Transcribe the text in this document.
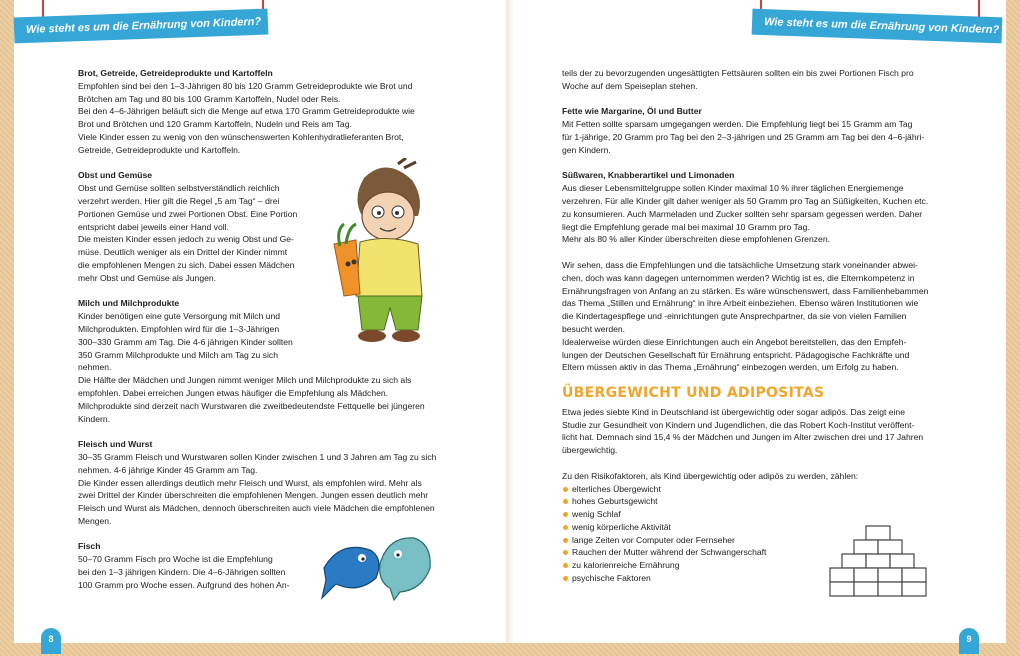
Wie steht es um die Ernährung von Kindern?	Wie steht es um die Ernährung von Kindern?

Brot, Getreide, Getreideprodukte und Kartoffeln
Empfohlen sind bei den 1–3-Jährigen 80 bis 120 Gramm Getreideprodukte wie Brot und
Brötchen am Tag und 80 bis 100 Gramm Kartoffeln, Nudel oder Reis.
Bei den 4–6-Jährigen beläuft sich die Menge auf etwa 170 Gramm Getreideprodukte wie
Brot und Brötchen und 120 Gramm Kartoffeln, Nudeln und Reis am Tag.
Viele Kinder essen zu wenig von den wünschenswerten Kohlenhydratlieferanten Brot,
Getreide, Getreideprodukte und Kartoffeln.

Obst und Gemüse
Obst und Gemüse sollten selbstverständlich reichlich
verzehrt werden. Hier gilt die Regel „5 am Tag“ – drei
Portionen Gemüse und zwei Portionen Obst. Eine Portion
entspricht dabei jeweils einer Hand voll.
Die meisten Kinder essen jedoch zu wenig Obst und Ge-
müse. Deutlich weniger als ein Drittel der Kinder nimmt
die empfohlenen Mengen zu sich. Dabei essen Mädchen
mehr Obst und Gemüse als Jungen.

Milch und Milchprodukte
Kinder benötigen eine gute Versorgung mit Milch und
Milchprodukten. Empfohlen wird für die 1–3-Jährigen
300–330 Gramm am Tag. Die 4-6 jährigen Kinder sollten
350 Gramm Milchprodukte und Milch am Tag zu sich
nehmen.
Die Hälfte der Mädchen und Jungen nimmt weniger Milch und Milchprodukte zu sich als
empfohlen. Dabei erreichen Jungen etwas häufiger die Empfehlung als Mädchen.
Milchprodukte sind derzeit nach Wurstwaren die zweitbedeutendste Fettquelle bei jüngeren
Kindern.

Fleisch und Wurst
30–35 Gramm Fleisch und Wurstwaren sollen Kinder zwischen 1 und 3 Jahren am Tag zu sich
nehmen. 4-6 jährige Kinder 45 Gramm am Tag.
Die Kinder essen allerdings deutlich mehr Fleisch und Wurst, als empfohlen wird. Mehr als
zwei Drittel der Kinder überschreiten die empfohlenen Mengen. Jungen essen deutlich mehr
Fleisch und Wurst als Mädchen, dennoch überschreiten auch viele Mädchen die empfohlenen
Mengen.

Fisch
50–70 Gramm Fisch pro Woche ist die Empfehlung
bei den 1–3 jährigen Kindern. Die 4–6-Jährigen sollten
100 Gramm pro Woche essen. Aufgrund des hohen An-

teils der zu bevorzugenden ungesättigten Fettsäuren sollten ein bis zwei Portionen Fisch pro
Woche auf dem Speiseplan stehen.

Fette wie Margarine, Öl und Butter
Mit Fetten sollte sparsam umgegangen werden. Die Empfehlung liegt bei 15 Gramm am Tag
für 1-jährige, 20 Gramm pro Tag bei den 2–3-jährigen und 25 Gramm am Tag bei den 4–6-jähri-
gen Kindern.

Süßwaren, Knabberartikel und Limonaden
Aus dieser Lebensmittelgruppe sollen Kinder maximal 10 % ihrer täglichen Energiemenge
verzehren. Für alle Kinder gilt daher weniger als 50 Gramm pro Tag an Süßigkeiten, Kuchen etc.
zu konsumieren. Auch Marmeladen und Zucker sollten sehr sparsam gegessen werden. Daher
liegt die Empfehlung gerade mal bei maximal 10 Gramm pro Tag.
Mehr als 80 % aller Kinder überschreiten diese empfohlenen Grenzen.

Wir sehen, dass die Empfehlungen und die tatsächliche Umsetzung stark voneinander abwei-
chen, doch was kann dagegen unternommen werden? Wichtig ist es, die Elternkompetenz in
Ernährungsfragen von Anfang an zu stärken. Es wäre wünschenswert, dass Familienhebammen
das Thema „Stillen und Ernährung“ in ihre Arbeit einbeziehen. Ebenso wären Institutionen wie
die Kindertagespflege und -einrichtungen gute Ansprechpartner, da sie von vielen Familien
besucht werden.
Idealerweise würden diese Einrichtungen auch ein Angebot bereitstellen, das den Empfeh-
lungen der Deutschen Gesellschaft für Ernährung entspricht. Pädagogische Fachkräfte und
Eltern müssen aktiv in das Thema „Ernährung“ einbezogen werden, um Erfolg zu haben.

ÜBERGEWICHT UND ADIPOSITAS

Etwa jedes siebte Kind in Deutschland ist übergewichtig oder sogar adipös. Das zeigt eine
Studie zur Gesundheit von Kindern und Jugendlichen, die das Robert Koch-Institut veröffent-
licht hat. Demnach sind 15,4 % der Mädchen und Jungen im Alter zwischen drei und 17 Jahren
übergewichtig.

Zu den Risikofaktoren, als Kind übergewichtig oder adipös zu werden, zählen:
elterliches Übergewicht
hohes Geburtsgewicht
wenig Schlaf
wenig körperliche Aktivität
lange Zeiten vor Computer oder Fernseher
Rauchen der Mutter während der Schwangerschaft
zu kalorienreiche Ernährung
psychische Faktoren
8	9
